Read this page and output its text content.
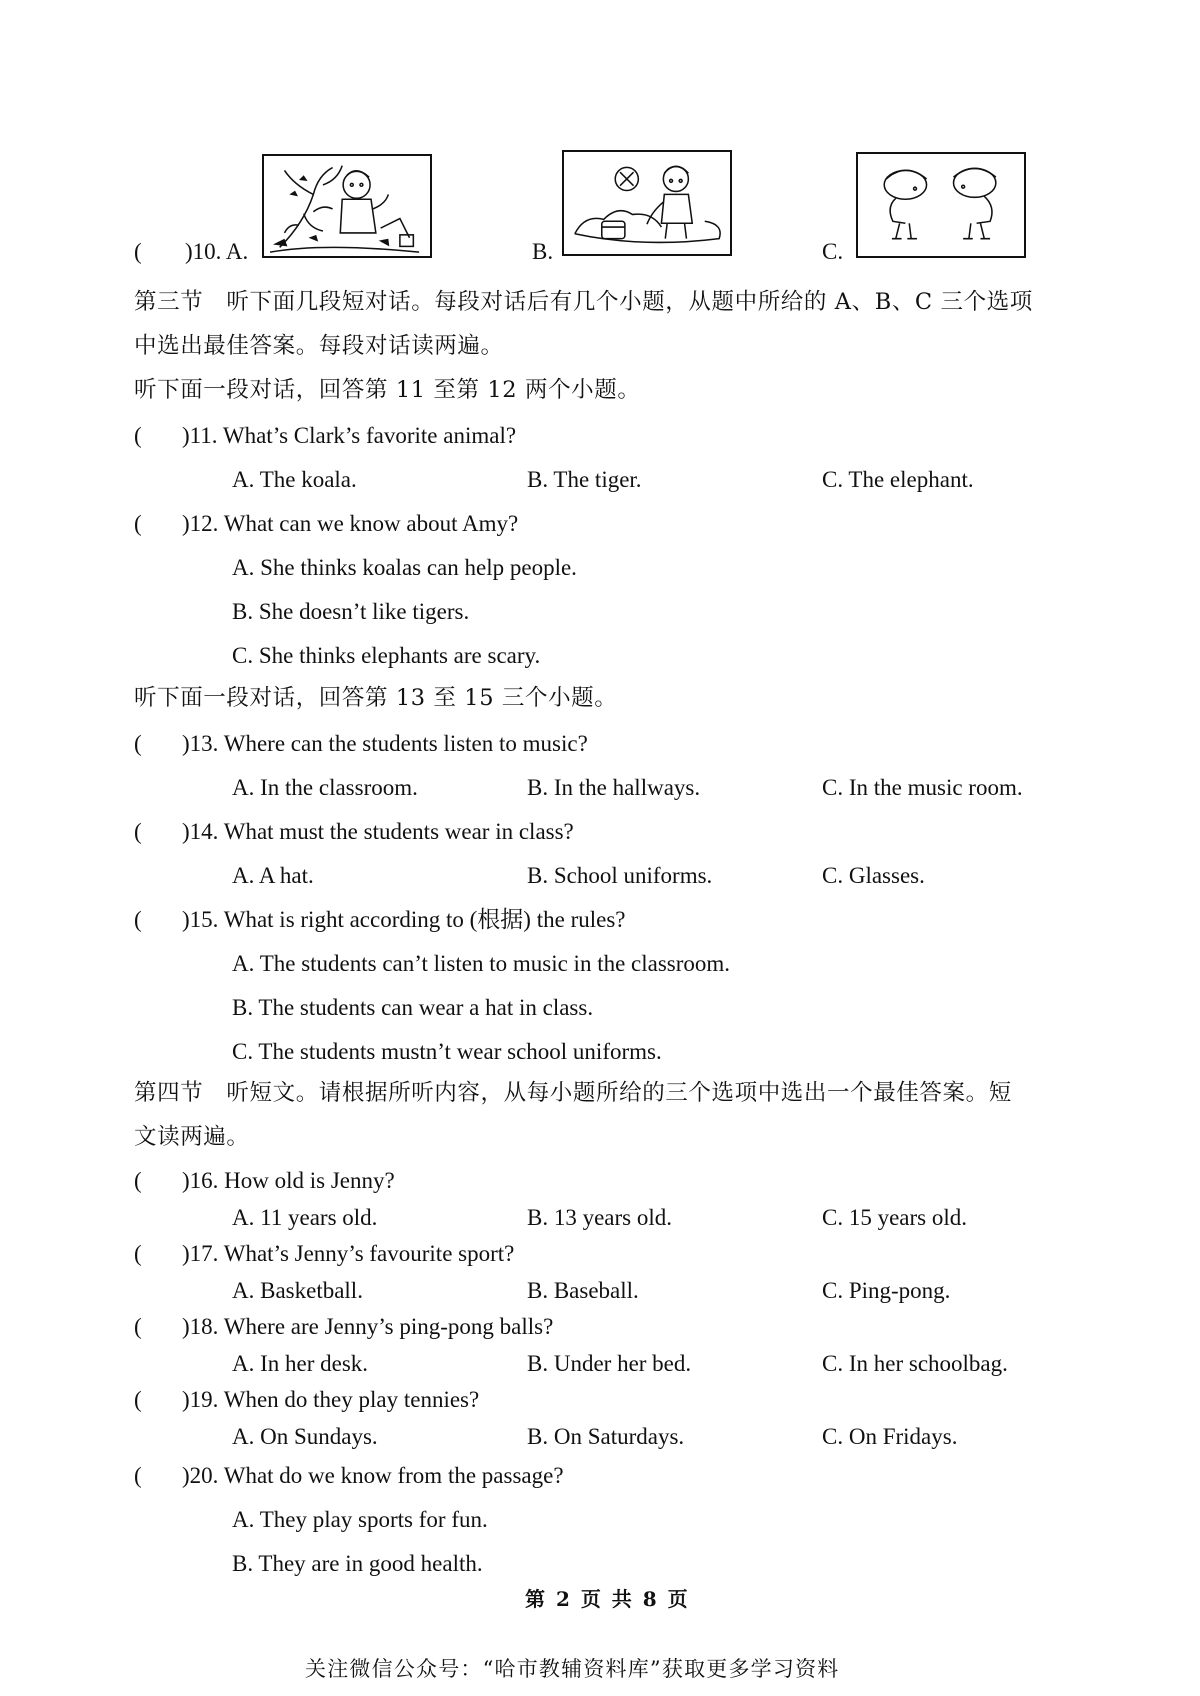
( )10. A.	B.	C.
第三节　听下面几段短对话。每段对话后有几个小题，从题中所给的 A、B、C 三个选项
中选出最佳答案。每段对话读两遍。
听下面一段对话，回答第 11 至第 12 两个小题。
( )11. What’s Clark’s favorite animal?
A. The koala.	B. The tiger.	C. The elephant.
( )12. What can we know about Amy?
A. She thinks koalas can help people.
B. She doesn’t like tigers.
C. She thinks elephants are scary.
听下面一段对话，回答第 13 至 15 三个小题。
( )13. Where can the students listen to music?
A. In the classroom.	B. In the hallways.	C. In the music room.
( )14. What must the students wear in class?
A. A hat.	B. School uniforms.	C. Glasses.
( )15. What is right according to (根据) the rules?
A. The students can’t listen to music in the classroom.
B. The students can wear a hat in class.
C. The students mustn’t wear school uniforms.
第四节　听短文。请根据所听内容，从每小题所给的三个选项中选出一个最佳答案。短
文读两遍。
( )16. How old is Jenny?
A. 11 years old.	B. 13 years old.	C. 15 years old.
( )17. What’s Jenny’s favourite sport?
A. Basketball.	B. Baseball.	C. Ping-pong.
( )18. Where are Jenny’s ping-pong balls?
A. In her desk.	B. Under her bed.	C. In her schoolbag.
( )19. When do they play tennies?
A. On Sundays.	B. On Saturdays.	C. On Fridays.
( )20. What do we know from the passage?
A. They play sports for fun.
B. They are in good health.
第 2 页 共 8 页
关注微信公众号：“哈市教辅资料库”获取更多学习资料
